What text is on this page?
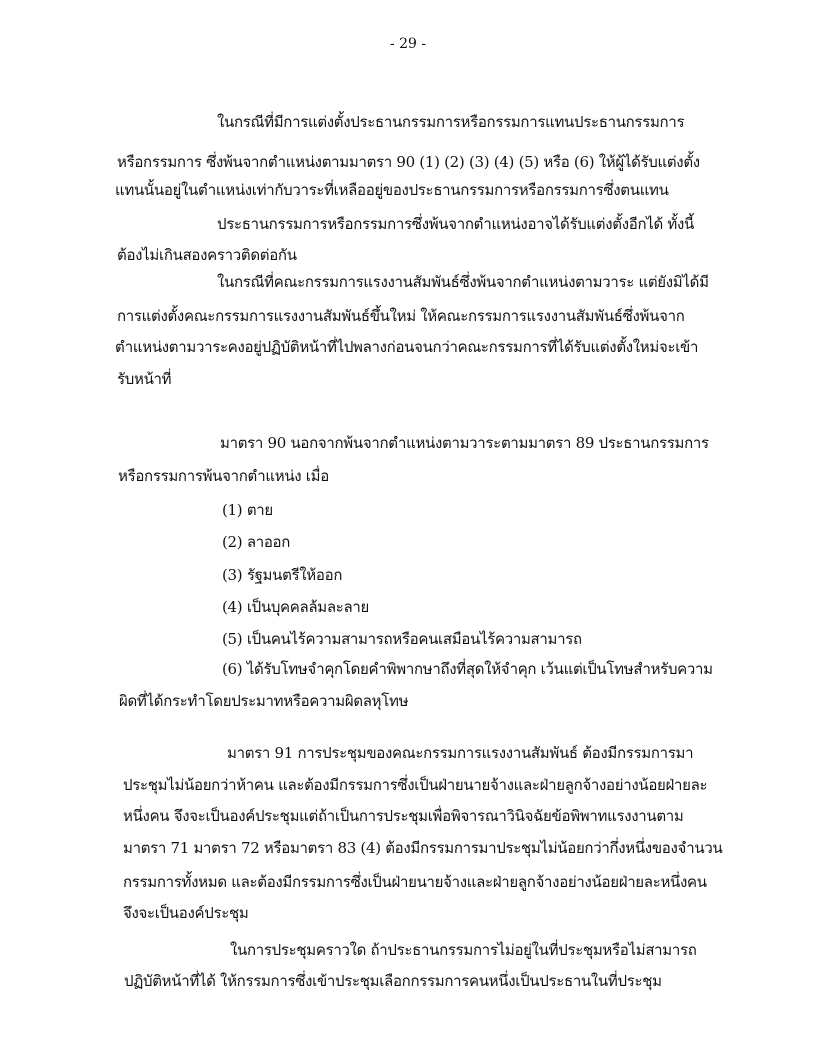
- 29 -
ในกรณีที่มีการแต่งตั้งประธานกรรมการหรือกรรมการแทนประธานกรรมการ
หรือกรรมการ ซึ่งพ้นจากตำแหน่งตามมาตรา 90 (1) (2) (3) (4) (5) หรือ (6) ให้ผู้ได้รับแต่งตั้ง
แทนนั้นอยู่ในตำแหน่งเท่ากับวาระที่เหลืออยู่ของประธานกรรมการหรือกรรมการซึ่งตนแทน
ประธานกรรมการหรือกรรมการซึ่งพ้นจากตำแหน่งอาจได้รับแต่งตั้งอีกได้ ทั้งนี้
ต้องไม่เกินสองคราวติดต่อกัน
ในกรณีที่คณะกรรมการแรงงานสัมพันธ์ซึ่งพ้นจากตำแหน่งตามวาระ แต่ยังมิได้มี
การแต่งตั้งคณะกรรมการแรงงานสัมพันธ์ขึ้นใหม่ ให้คณะกรรมการแรงงานสัมพันธ์ซึ่งพ้นจาก
ตำแหน่งตามวาระคงอยู่ปฏิบัติหน้าที่ไปพลางก่อนจนกว่าคณะกรรมการที่ได้รับแต่งตั้งใหม่จะเข้า
รับหน้าที่
มาตรา 90 นอกจากพ้นจากตำแหน่งตามวาระตามมาตรา 89 ประธานกรรมการ
หรือกรรมการพ้นจากตำแหน่ง เมื่อ
(1) ตาย
(2) ลาออก
(3) รัฐมนตรีให้ออก
(4) เป็นบุคคลล้มละลาย
(5) เป็นคนไร้ความสามารถหรือคนเสมือนไร้ความสามารถ
(6) ได้รับโทษจำคุกโดยคำพิพากษาถึงที่สุดให้จำคุก เว้นแต่เป็นโทษสำหรับความ
ผิดที่ได้กระทำโดยประมาทหรือความผิดลหุโทษ
มาตรา 91 การประชุมของคณะกรรมการแรงงานสัมพันธ์ ต้องมีกรรมการมา
ประชุมไม่น้อยกว่าห้าคน และต้องมีกรรมการซึ่งเป็นฝ่ายนายจ้างและฝ่ายลูกจ้างอย่างน้อยฝ่ายละ
หนึ่งคน จึงจะเป็นองค์ประชุมแต่ถ้าเป็นการประชุมเพื่อพิจารณาวินิจฉัยข้อพิพาทแรงงานตาม
มาตรา 71 มาตรา 72 หรือมาตรา 83 (4) ต้องมีกรรมการมาประชุมไม่น้อยกว่ากึ่งหนึ่งของจำนวน
กรรมการทั้งหมด และต้องมีกรรมการซึ่งเป็นฝ่ายนายจ้างและฝ่ายลูกจ้างอย่างน้อยฝ่ายละหนึ่งคน
จึงจะเป็นองค์ประชุม
ในการประชุมคราวใด ถ้าประธานกรรมการไม่อยู่ในที่ประชุมหรือไม่สามารถ
ปฏิบัติหน้าที่ได้ ให้กรรมการซึ่งเข้าประชุมเลือกกรรมการคนหนึ่งเป็นประธานในที่ประชุม
